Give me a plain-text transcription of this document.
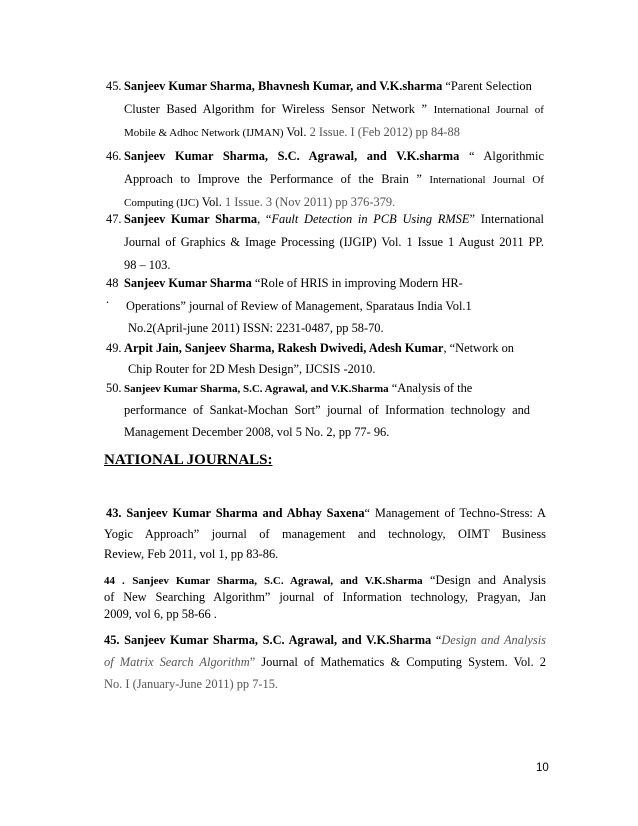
45. Sanjeev Kumar Sharma, Bhavnesh Kumar, and V.K.sharma “Parent Selection
Cluster Based Algorithm for Wireless Sensor Network ” International Journal of
Mobile & Adhoc Network (IJMAN) Vol. 2 Issue. I (Feb 2012) pp 84-88
46. Sanjeev Kumar Sharma, S.C. Agrawal, and V.K.sharma “ Algorithmic
Approach to Improve the Performance of the Brain ” International Journal Of
Computing (IJC) Vol. 1 Issue. 3 (Nov 2011) pp 376-379.
47. Sanjeev Kumar Sharma, “Fault Detection in PCB Using RMSE” International
Journal of Graphics & Image Processing (IJGIP) Vol. 1 Issue 1 August 2011 PP.
98 – 103.
48 .
Sanjeev Kumar Sharma “Role of HRIS in improving Modern HR-
Operations” journal of Review of Management, Sparataus India Vol.1
No.2(April-june 2011) ISSN: 2231-0487, pp 58-70.
49. Arpit Jain, Sanjeev Sharma, Rakesh Dwivedi, Adesh Kumar, “Network on
Chip Router for 2D Mesh Design”, IJCSIS -2010.
50. Sanjeev Kumar Sharma, S.C. Agrawal, and V.K.Sharma “Analysis of the
performance of Sankat-Mochan Sort” journal of Information technology and
Management December 2008, vol 5 No. 2, pp 77- 96.
NATIONAL JOURNALS:
43. Sanjeev Kumar Sharma and Abhay Saxena“ Management of Techno-Stress: A
Yogic Approach” journal of management and technology, OIMT Business
Review, Feb 2011, vol 1, pp 83-86.
44 . Sanjeev Kumar Sharma, S.C. Agrawal, and V.K.Sharma “Design and Analysis
of New Searching Algorithm” journal of Information technology, Pragyan, Jan
2009, vol 6, pp 58-66 .
45. Sanjeev Kumar Sharma, S.C. Agrawal, and V.K.Sharma “Design and Analysis
of Matrix Search Algorithm” Journal of Mathematics & Computing System. Vol. 2
No. I (January-June 2011) pp 7-15.
10
